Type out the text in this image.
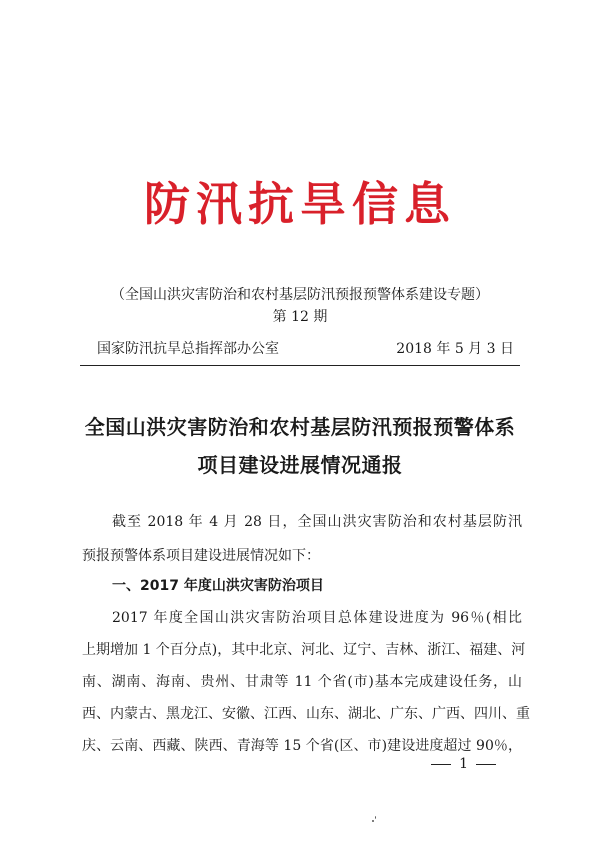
防汛抗旱信息
（全国山洪灾害防治和农村基层防汛预报预警体系建设专题）
第 12 期
国家防汛抗旱总指挥部办公室	2018 年 5 月 3 日
全国山洪灾害防治和农村基层防汛预报预警体系
项目建设进展情况通报
截至 2018 年 4 月 28 日，全国山洪灾害防治和农村基层防汛
预报预警体系项目建设进展情况如下：
一、2017 年度山洪灾害防治项目
2017 年度全国山洪灾害防治项目总体建设进度为 96％(相比
上期增加 1 个百分点)，其中北京、河北、辽宁、吉林、浙江、福建、河
南、湖南、海南、贵州、甘肃等 11 个省(市)基本完成建设任务，山
西、内蒙古、黑龙江、安徽、江西、山东、湖北、广东、广西、四川、重
庆、云南、西藏、陕西、青海等 15 个省(区、市)建设进度超过 90％，
1
